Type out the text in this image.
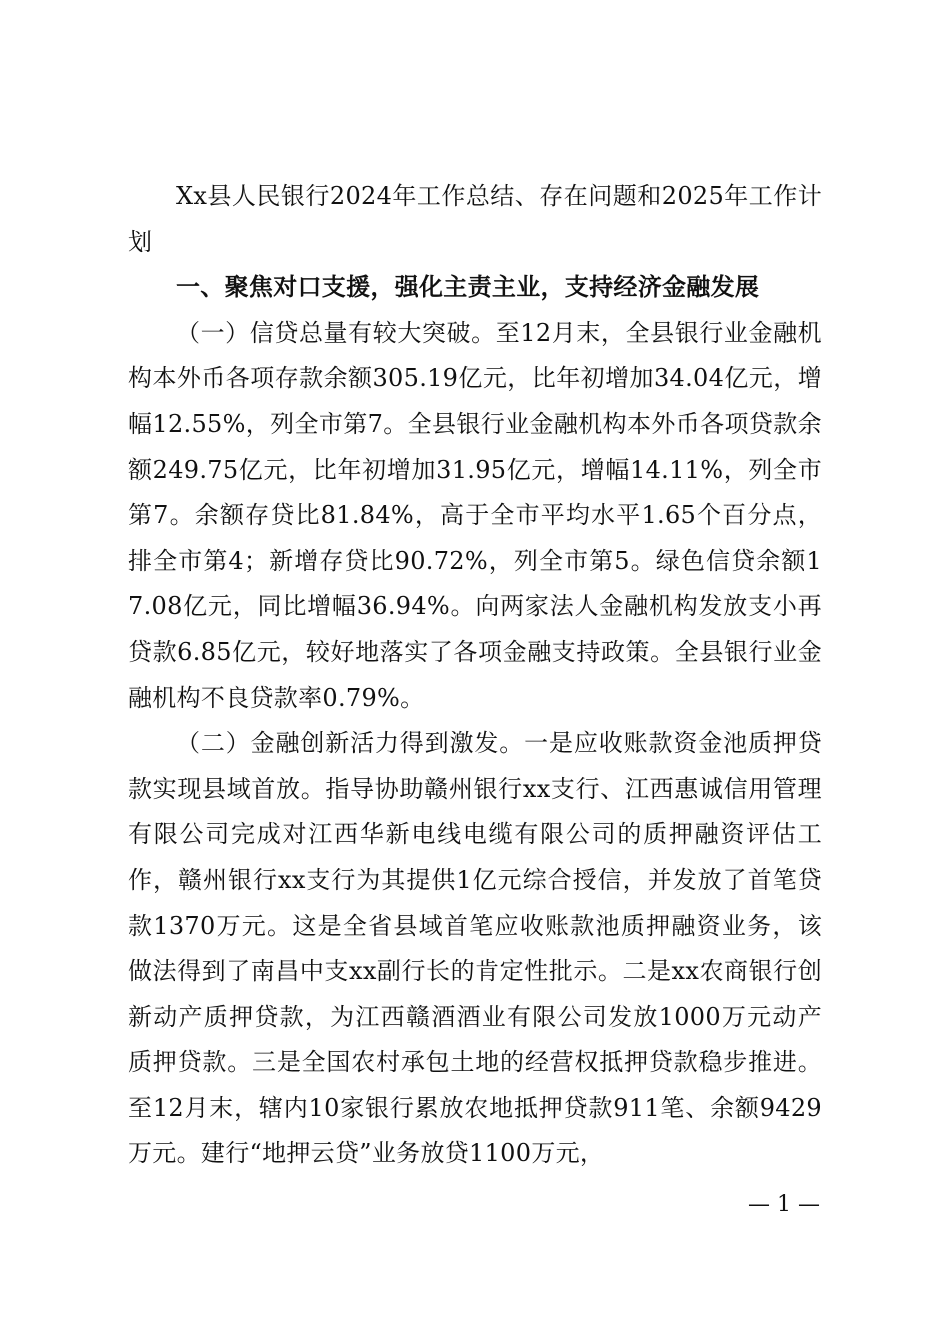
Xx县人民银行2024年工作总结、存在问题和2025年工作计划

一、聚焦对口支援，强化主责主业，支持经济金融发展

（一）信贷总量有较大突破。至12月末，全县银行业金融机构本外币各项存款余额305.19亿元，比年初增加34.04亿元，增幅12.55%，列全市第7。全县银行业金融机构本外币各项贷款余额249.75亿元，比年初增加31.95亿元，增幅14.11%，列全市第7。余额存贷比81.84%，高于全市平均水平1.65个百分点，排全市第4；新增存贷比90.72%，列全市第5。绿色信贷余额17.08亿元，同比增幅36.94%。向两家法人金融机构发放支小再贷款6.85亿元，较好地落实了各项金融支持政策。全县银行业金融机构不良贷款率0.79%。

（二）金融创新活力得到激发。一是应收账款资金池质押贷款实现县域首放。指导协助赣州银行xx支行、江西惠诚信用管理有限公司完成对江西华新电线电缆有限公司的质押融资评估工作，赣州银行xx支行为其提供1亿元综合授信，并发放了首笔贷款1370万元。这是全省县域首笔应收账款池质押融资业务，该做法得到了南昌中支xx副行长的肯定性批示。二是xx农商银行创新动产质押贷款，为江西赣酒酒业有限公司发放1000万元动产质押贷款。三是全国农村承包土地的经营权抵押贷款稳步推进。至12月末，辖内10家银行累放农地抵押贷款911笔、余额9429万元。建行“地押云贷”业务放贷1100万元，

— 1 —
